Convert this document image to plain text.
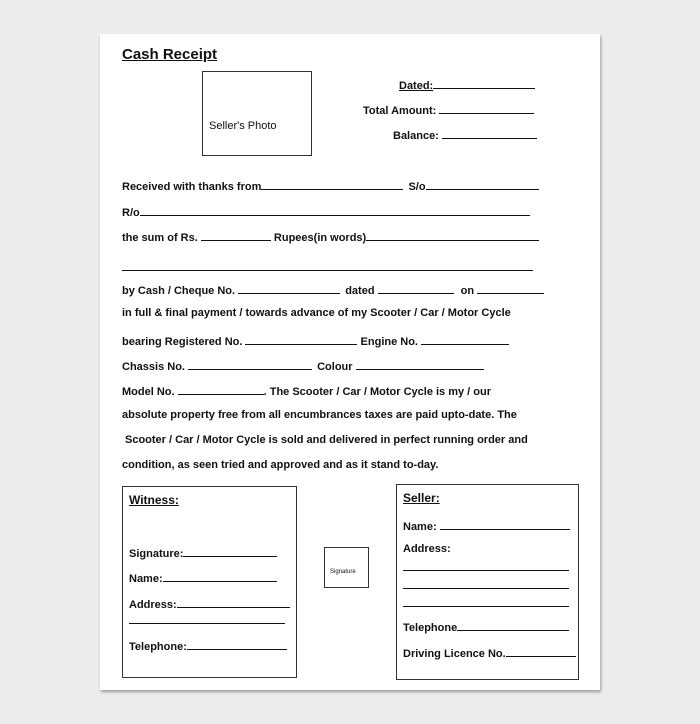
Cash Receipt
Seller's Photo
Dated:
Total Amount:
Balance:
Received with thanks from	S/o
R/o
the sum of Rs.	Rupees(in words)
by Cash / Cheque No.	dated	on
in full & final payment / towards advance of my Scooter / Car / Motor Cycle
bearing Registered No.	Engine No.
Chassis No.	Colour
Model No.	. The Scooter / Car / Motor Cycle is my / our
absolute property free from all encumbrances taxes are paid upto-date. The
Scooter / Car / Motor Cycle is sold and delivered in perfect running order and
condition, as seen tried and approved and as it stand to-day.
Witness:
Signature:
Name:
Address:
Telephone:
Signature
Seller:
Name:
Address:
Telephone
Driving Licence No.
